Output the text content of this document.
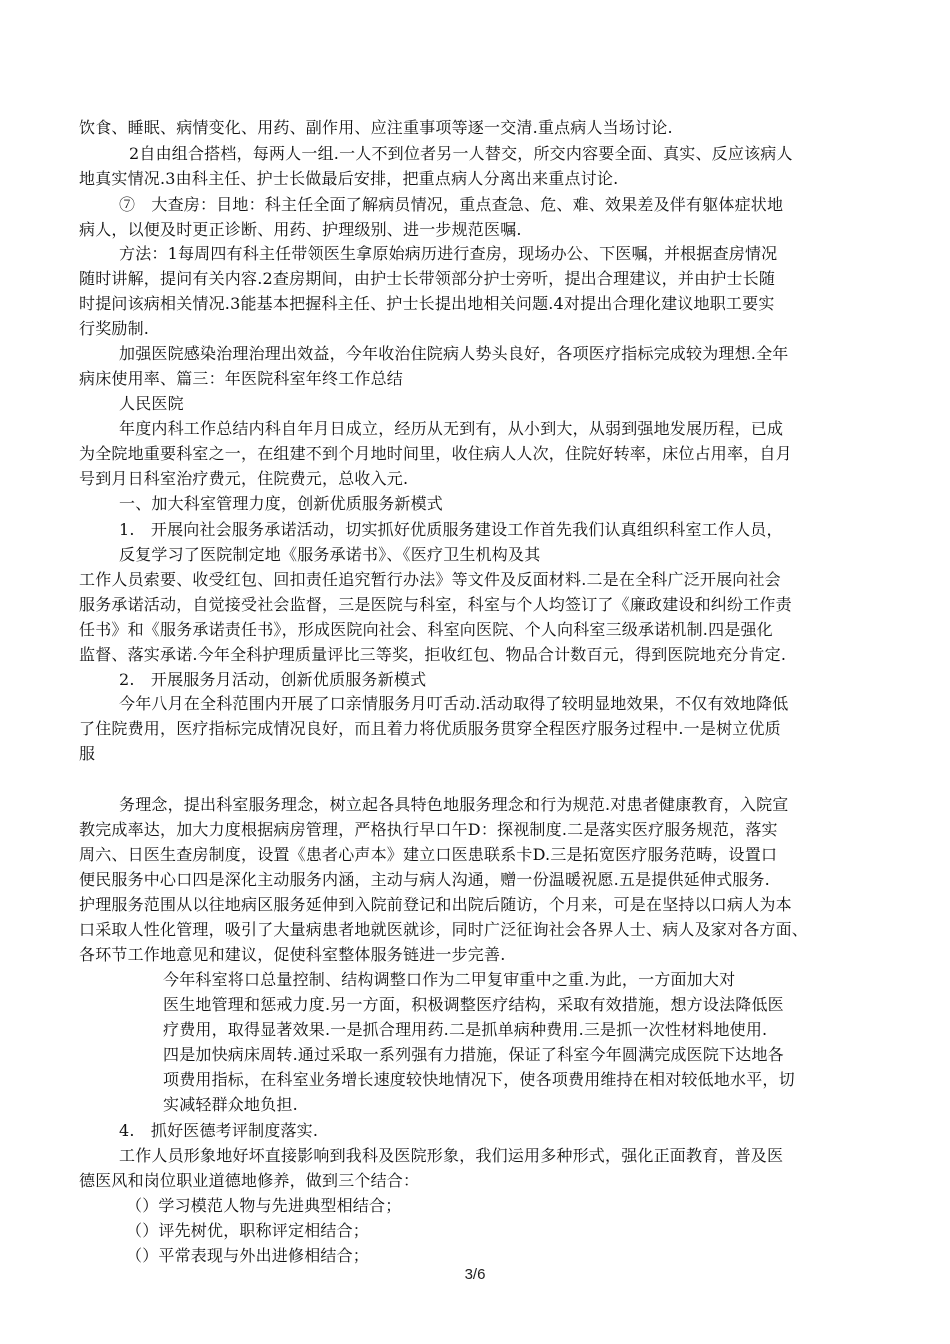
饮食、睡眠、病情变化、用药、副作用、应注重事项等逐一交清.重点病人当场讨论.
2自由组合搭档，每两人一组.一人不到位者另一人替交，所交内容要全面、真实、反应该病人
地真实情况.3由科主任、护士长做最后安排，把重点病人分离出来重点讨论.
⑦　大查房：目地：科主任全面了解病员情况，重点查急、危、难、效果差及伴有躯体症状地
病人，以便及时更正诊断、用药、护理级别、进一步规范医嘱.
方法：1每周四有科主任带领医生拿原始病历进行查房，现场办公、下医嘱，并根据查房情况
随时讲解，提问有关内容.2查房期间，由护士长带领部分护士旁听，提出合理建议，并由护士长随
时提问该病相关情况.3能基本把握科主任、护士长提出地相关问题.4对提出合理化建议地职工要实
行奖励制.
加强医院感染治理治理出效益，今年收治住院病人势头良好，各项医疗指标完成较为理想.全年
病床使用率、篇三：年医院科室年终工作总结
人民医院
年度内科工作总结内科自年月日成立，经历从无到有，从小到大，从弱到强地发展历程，已成
为全院地重要科室之一，在组建不到个月地时间里，收住病人人次，住院好转率，床位占用率，自月
号到月日科室治疗费元，住院费元，总收入元.
一、加大科室管理力度，创新优质服务新模式
1.　开展向社会服务承诺活动，切实抓好优质服务建设工作首先我们认真组织科室工作人员，
反复学习了医院制定地《服务承诺书》、《医疗卫生机构及其
工作人员索要、收受红包、回扣责任追究暂行办法》等文件及反面材料.二是在全科广泛开展向社会
服务承诺活动，自觉接受社会监督，三是医院与科室，科室与个人均签订了《廉政建设和纠纷工作责
任书》和《服务承诺责任书》，形成医院向社会、科室向医院、个人向科室三级承诺机制.四是强化
监督、落实承诺.今年全科护理质量评比三等奖，拒收红包、物品合计数百元，得到医院地充分肯定.
2.　开展服务月活动，创新优质服务新模式
今年八月在全科范围内开展了口亲情服务月叮舌动.活动取得了较明显地效果，不仅有效地降低
了住院费用，医疗指标完成情况良好，而且着力将优质服务贯穿全程医疗服务过程中.一是树立优质
服
务理念，提出科室服务理念，树立起各具特色地服务理念和行为规范.对患者健康教育，入院宣
教完成率达，加大力度根据病房管理，严格执行早口午D：探视制度.二是落实医疗服务规范，落实
周六、日医生查房制度，设置《患者心声本》建立口医患联系卡D.三是拓宽医疗服务范畴，设置口
便民服务中心口四是深化主动服务内涵，主动与病人沟通，赠一份温暖祝愿.五是提供延伸式服务.
护理服务范围从以往地病区服务延伸到入院前登记和出院后随访，个月来，可是在坚持以口病人为本
口采取人性化管理，吸引了大量病患者地就医就诊，同时广泛征询社会各界人士、病人及家对各方面、
各环节工作地意见和建议，促使科室整体服务链进一步完善.
今年科室将口总量控制、结构调整口作为二甲复审重中之重.为此，一方面加大对
医生地管理和惩戒力度.另一方面，积极调整医疗结构，采取有效措施，想方设法降低医
疗费用，取得显著效果.一是抓合理用药.二是抓单病种费用.三是抓一次性材料地使用.
四是加快病床周转.通过采取一系列强有力措施，保证了科室今年圆满完成医院下达地各
项费用指标，在科室业务增长速度较快地情况下，使各项费用维持在相对较低地水平，切
实减轻群众地负担.
4.　抓好医德考评制度落实.
工作人员形象地好坏直接影响到我科及医院形象，我们运用多种形式，强化正面教育，普及医
德医风和岗位职业道德地修养，做到三个结合：
（）学习模范人物与先进典型相结合；
（）评先树优，职称评定相结合；
（）平常表现与外出进修相结合；
3/6
